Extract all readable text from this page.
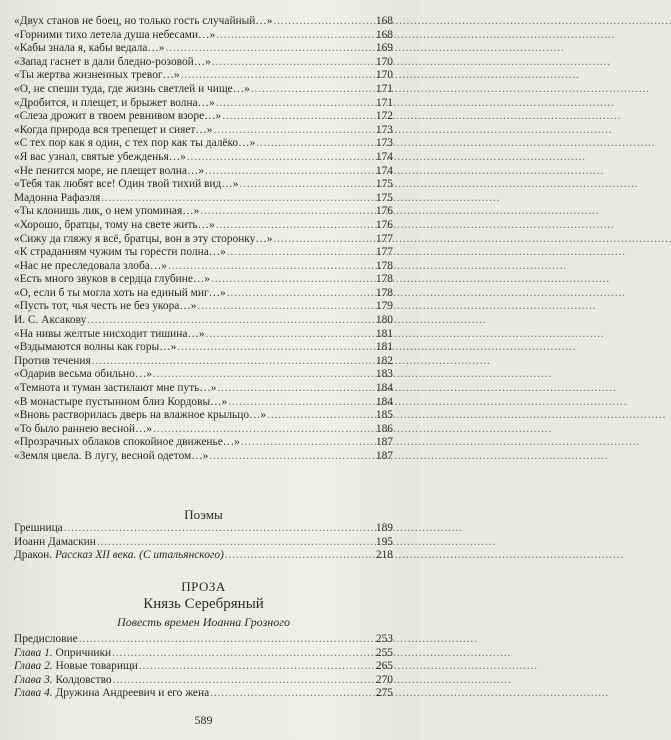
«Двух станов не боец, но только гость случайный…» . . .	168
«Горними тихо летела душа небесами…» . . .	168
«Кабы знала я, кабы ведала…» . . .	169
«Запад гаснет в дали бледно-розовой…» . . .	170
«Ты жертва жизненных тревог…» . . .	170
«О, не спеши туда, где жизнь светлей и чище…» . . .	171
«Дробится, и плещет, и брыжет волна…» . . .	171
«Слеза дрожит в твоем ревнивом взоре…» . . .	172
«Когда природа вся трепещет и сияет…» . . .	173
«С тех пор как я один, с тех пор как ты далёко…» . . .	173
«Я вас узнал, святые убежденья…» . . .	174
«Не пенится море, не плещет волна…» . . .	174
«Тебя так любят все! Один твой тихий вид…» . . .	175
Мадонна Рафаэля . . .	175
«Ты клонишь лик, о нем упоминая…» . . .	176
«Хорошо, братцы, тому на свете жить…» . . .	176
«Сижу да гляжу я всё, братцы, вон в эту сторонку…» . . .	177
«К страданиям чужим ты горести полна…» . . .	177
«Нас не преследовала злоба…» . . .	178
«Есть много звуков в сердца глубине…» . . .	178
«О, если б ты могла хоть на единый миг…» . . .	178
«Пусть тот, чья честь не без укора…» . . .	179
И. С. Аксакову . . .	180
«На нивы желтые нисходит тишина…» . . .	181
«Вздымаются волны как горы…» . . .	181
Против течения . . .	182
«Одарив весьма обильно…» . . .	183
«Темнота и туман застилают мне путь…» . . .	184
«В монастыре пустынном близ Кордовы…» . . .	184
«Вновь растворилась дверь на влажное крыльцо…» . . .	185
«То было раннею весной…» . . .	186
«Прозрачных облаков спокойное движенье…» . . .	187
«Земля цвела. В лугу, весной одетом…» . . .	187
Поэмы
Грешница . . .	189
Иоанн Дамаскин . . .	195
Дракон. Рассказ XII века. (С итальянского) . . .	218
ПРОЗА
Князь Серебряный
Повесть времен Иоанна Грозного
Предисловие . . .	253
Глава 1. Опричники . . .	255
Глава 2. Новые товарищи . . .	265
Глава 3. Колдовство . . .	270
Глава 4. Дружина Андреевич и его жена . . .	275
589
